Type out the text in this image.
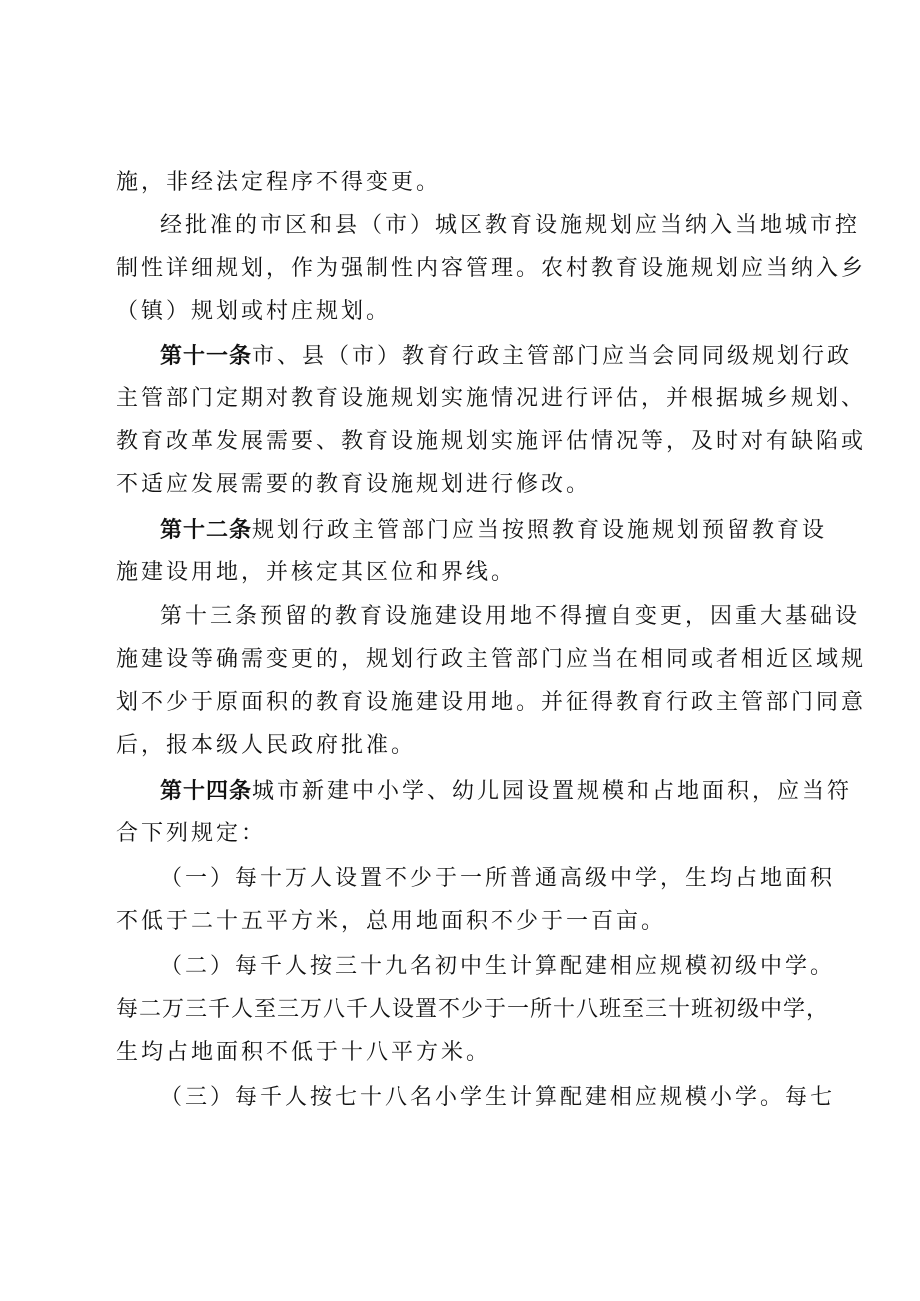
施，非经法定程序不得变更。
经批准的市区和县（市）城区教育设施规划应当纳入当地城市控
制性详细规划，作为强制性内容管理。农村教育设施规划应当纳入乡
（镇）规划或村庄规划。
第十一条市、县（市）教育行政主管部门应当会同同级规划行政
主管部门定期对教育设施规划实施情况进行评估，并根据城乡规划、
教育改革发展需要、教育设施规划实施评估情况等，及时对有缺陷或
不适应发展需要的教育设施规划进行修改。
第十二条规划行政主管部门应当按照教育设施规划预留教育设
施建设用地，并核定其区位和界线。
第十三条预留的教育设施建设用地不得擅自变更，因重大基础设
施建设等确需变更的，规划行政主管部门应当在相同或者相近区域规
划不少于原面积的教育设施建设用地。并征得教育行政主管部门同意
后，报本级人民政府批准。
第十四条城市新建中小学、幼儿园设置规模和占地面积，应当符
合下列规定：
（一）每十万人设置不少于一所普通高级中学，生均占地面积
不低于二十五平方米，总用地面积不少于一百亩。
（二）每千人按三十九名初中生计算配建相应规模初级中学。
每二万三千人至三万八千人设置不少于一所十八班至三十班初级中学，
生均占地面积不低于十八平方米。
（三）每千人按七十八名小学生计算配建相应规模小学。每七
